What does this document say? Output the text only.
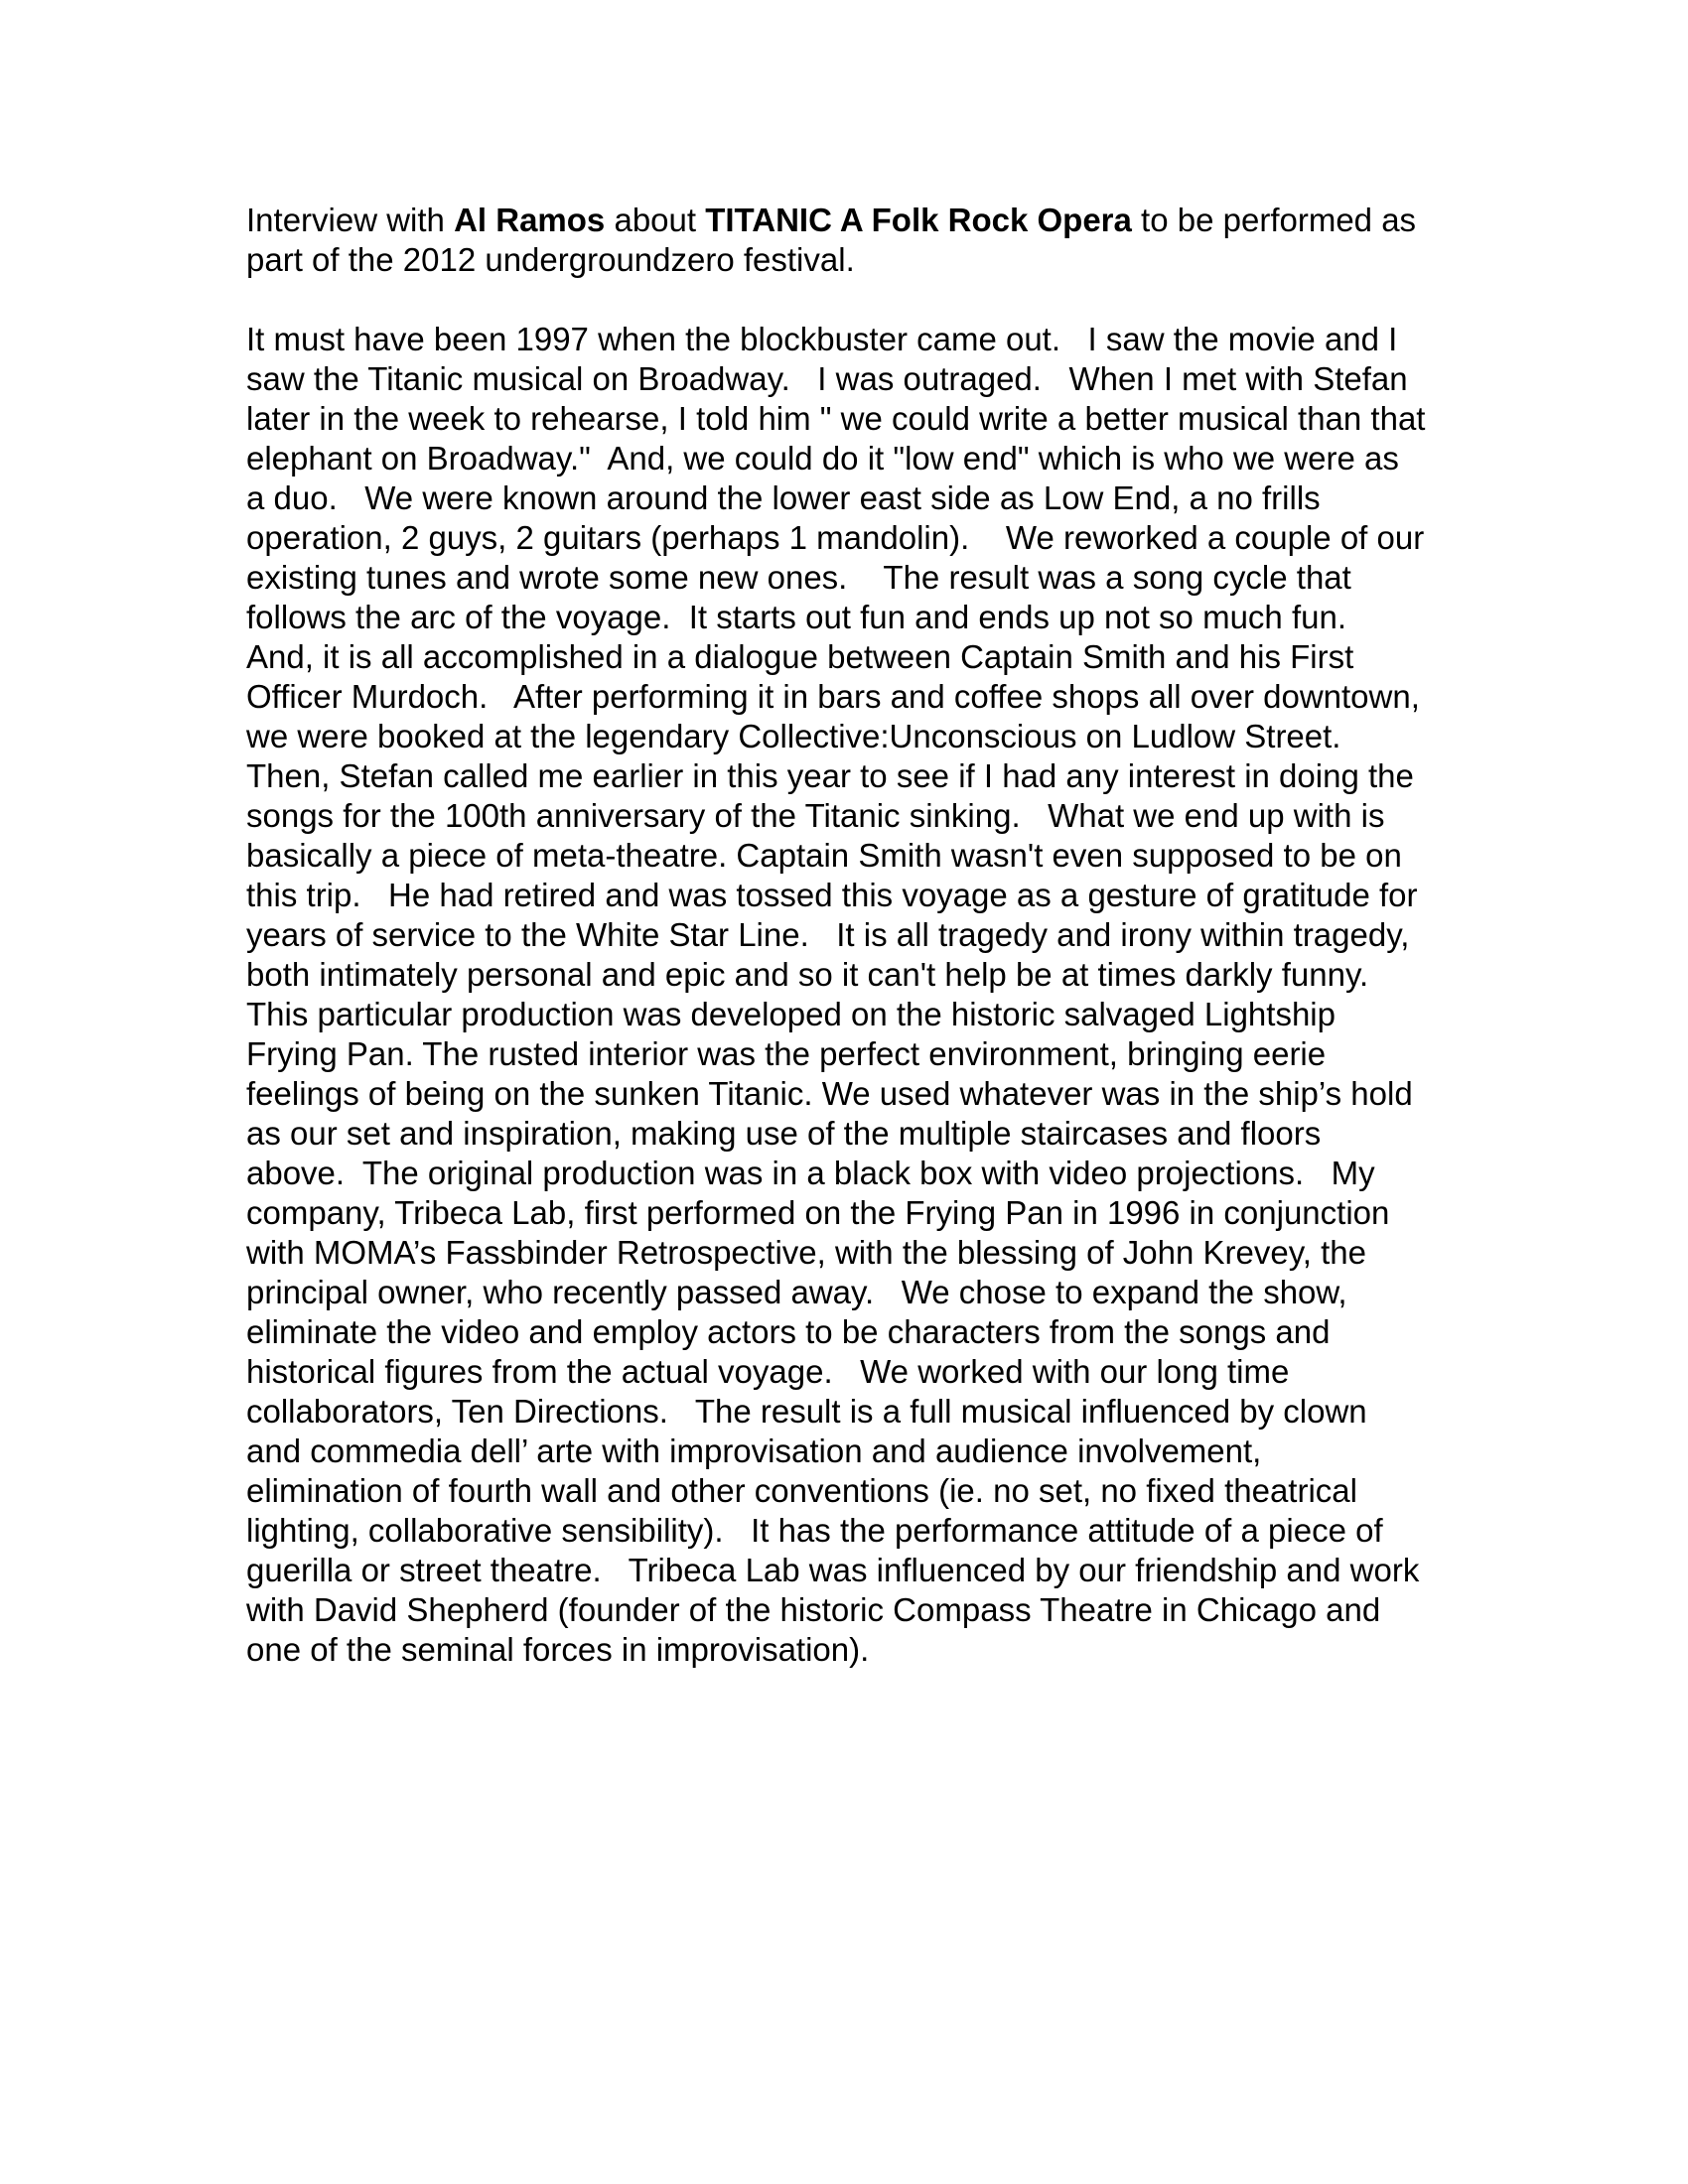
Interview with Al Ramos about TITANIC A Folk Rock Opera to be performed as
part of the 2012 undergroundzero festival.

It must have been 1997 when the blockbuster came out.   I saw the movie and I
saw the Titanic musical on Broadway.   I was outraged.   When I met with Stefan
later in the week to rehearse, I told him " we could write a better musical than that
elephant on Broadway."  And, we could do it "low end" which is who we were as
a duo.   We were known around the lower east side as Low End, a no frills
operation, 2 guys, 2 guitars (perhaps 1 mandolin).    We reworked a couple of our
existing tunes and wrote some new ones.    The result was a song cycle that
follows the arc of the voyage.  It starts out fun and ends up not so much fun.
And, it is all accomplished in a dialogue between Captain Smith and his First
Officer Murdoch.   After performing it in bars and coffee shops all over downtown,
we were booked at the legendary Collective:Unconscious on Ludlow Street.
Then, Stefan called me earlier in this year to see if I had any interest in doing the
songs for the 100th anniversary of the Titanic sinking.   What we end up with is
basically a piece of meta-theatre. Captain Smith wasn't even supposed to be on
this trip.   He had retired and was tossed this voyage as a gesture of gratitude for
years of service to the White Star Line.   It is all tragedy and irony within tragedy,
both intimately personal and epic and so it can't help be at times darkly funny.
This particular production was developed on the historic salvaged Lightship
Frying Pan. The rusted interior was the perfect environment, bringing eerie
feelings of being on the sunken Titanic. We used whatever was in the ship’s hold
as our set and inspiration, making use of the multiple staircases and floors
above.  The original production was in a black box with video projections.   My
company, Tribeca Lab, first performed on the Frying Pan in 1996 in conjunction
with MOMA’s Fassbinder Retrospective, with the blessing of John Krevey, the
principal owner, who recently passed away.   We chose to expand the show,
eliminate the video and employ actors to be characters from the songs and
historical figures from the actual voyage.   We worked with our long time
collaborators, Ten Directions.   The result is a full musical influenced by clown
and commedia dell’ arte with improvisation and audience involvement,
elimination of fourth wall and other conventions (ie. no set, no fixed theatrical
lighting, collaborative sensibility).   It has the performance attitude of a piece of
guerilla or street theatre.   Tribeca Lab was influenced by our friendship and work
with David Shepherd (founder of the historic Compass Theatre in Chicago and
one of the seminal forces in improvisation).
